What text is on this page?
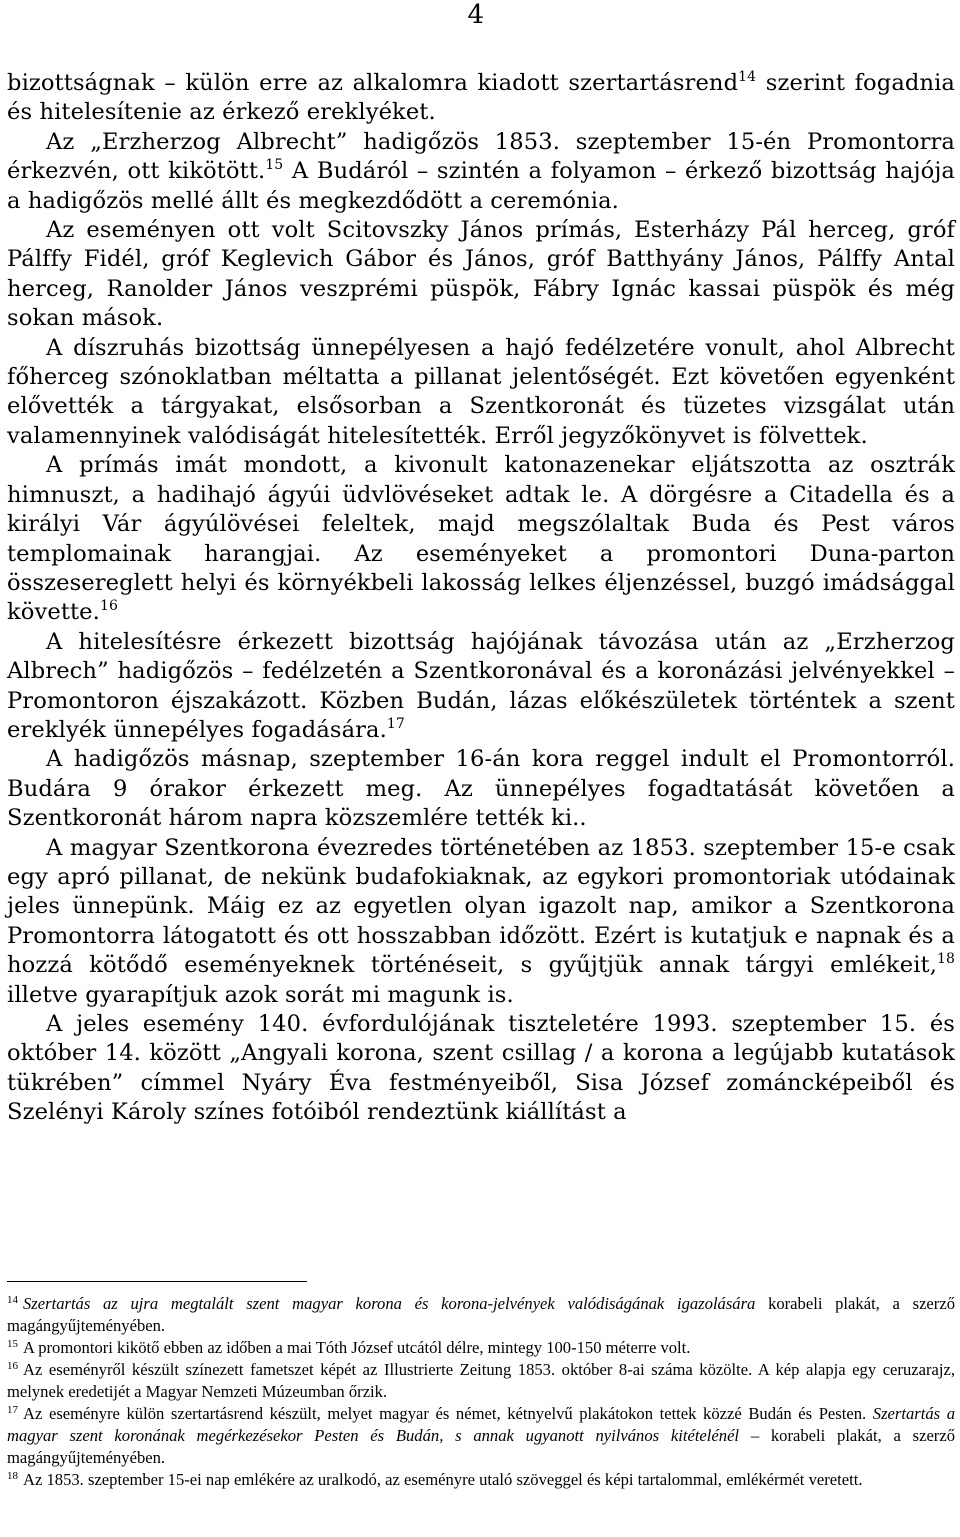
4

bizottságnak – külön erre az alkalomra kiadott szertartásrend$^{14}$ szerint fogadnia és hitelesítenie az érkező ereklyéket.

Az „Erzherzog Albrecht” hadigőzös 1853. szeptember 15-én Promontorra érkezvén, ott kikötött.$^{15}$ A Budáról – szintén a folyamon – érkező bizottság hajója a hadigőzös mellé állt és megkezdődött a ceremónia.

Az eseményen ott volt Scitovszky János prímás, Esterházy Pál herceg, gróf Pálffy Fidél, gróf Keglevich Gábor és János, gróf Batthyány János, Pálffy Antal herceg, Ranolder János veszprémi püspök, Fábry Ignác kassai püspök és még sokan mások.

A díszruhás bizottság ünnepélyesen a hajó fedélzetére vonult, ahol Albrecht főherceg szónoklatban méltatta a pillanat jelentőségét. Ezt követően egyenként elővették a tárgyakat, elsősorban a Szentkoronát és tüzetes vizsgálat után valamennyinek valódiságát hitelesítették. Erről jegyzőkönyvet is fölvettek.

A prímás imát mondott, a kivonult katonazenekar eljátszotta az osztrák himnuszt, a hadihajó ágyúi üdvlövéseket adtak le. A dörgésre a Citadella és a királyi Vár ágyúlövései feleltek, majd megszólaltak Buda és Pest város templomainak harangjai. Az eseményeket a promontori Duna-parton összesereglett helyi és környékbeli lakosság lelkes éljenzéssel, buzgó imádsággal követte.$^{16}$

A hitelesítésre érkezett bizottság hajójának távozása után az „Erzherzog Albrech” hadigőzös – fedélzetén a Szentkoronával és a koronázási jelvényekkel – Promontoron éjszakázott. Közben Budán, lázas előkészületek történtek a szent ereklyék ünnepélyes fogadására.$^{17}$

A hadigőzös másnap, szeptember 16-án kora reggel indult el Promontorról. Budára 9 órakor érkezett meg. Az ünnepélyes fogadtatását követően a Szentkoronát három napra közszemlére tették ki..

A magyar Szentkorona évezredes történetében az 1853. szeptember 15-e csak egy apró pillanat, de nekünk budafokiaknak, az egykori promontoriak utódainak jeles ünnepünk. Máig ez az egyetlen olyan igazolt nap, amikor a Szentkorona Promontorra látogatott és ott hosszabban időzött. Ezért is kutatjuk e napnak és a hozzá kötődő eseményeknek történéseit, s gyűjtjük annak tárgyi emlékeit,$^{18}$ illetve gyarapítjuk azok sorát mi magunk is.

A jeles esemény 140. évfordulójának tiszteletére 1993. szeptember 15. és október 14. között „Angyali korona, szent csillag / a korona a legújabb kutatások tükrében” címmel Nyáry Éva festményeiből, Sisa József zománcképeiből és Szelényi Károly színes fotóiból rendeztünk kiállítást a

$^{14}$ Szertartás az ujra megtalált szent magyar korona és korona-jelvények valódiságának igazolására korabeli plakát, a szerző magángyűjteményében.

$^{15}$ A promontori kikötő ebben az időben a mai Tóth József utcától délre, mintegy 100-150 méterre volt.

$^{16}$ Az eseményről készült színezett fametszet képét az Illustrierte Zeitung 1853. október 8-ai száma közölte. A kép alapja egy ceruzarajz, melynek eredetijét a Magyar Nemzeti Múzeumban őrzik.

$^{17}$ Az eseményre külön szertartásrend készült, melyet magyar és német, kétnyelvű plakátokon tettek közzé Budán és Pesten. Szertartás a magyar szent koronának megérkezésekor Pesten és Budán, s annak ugyanott nyilvános kitételénél – korabeli plakát, a szerző magángyűjteményében.

$^{18}$ Az 1853. szeptember 15-ei nap emlékére az uralkodó, az eseményre utaló szöveggel és képi tartalommal, emlékérmét veretett.
